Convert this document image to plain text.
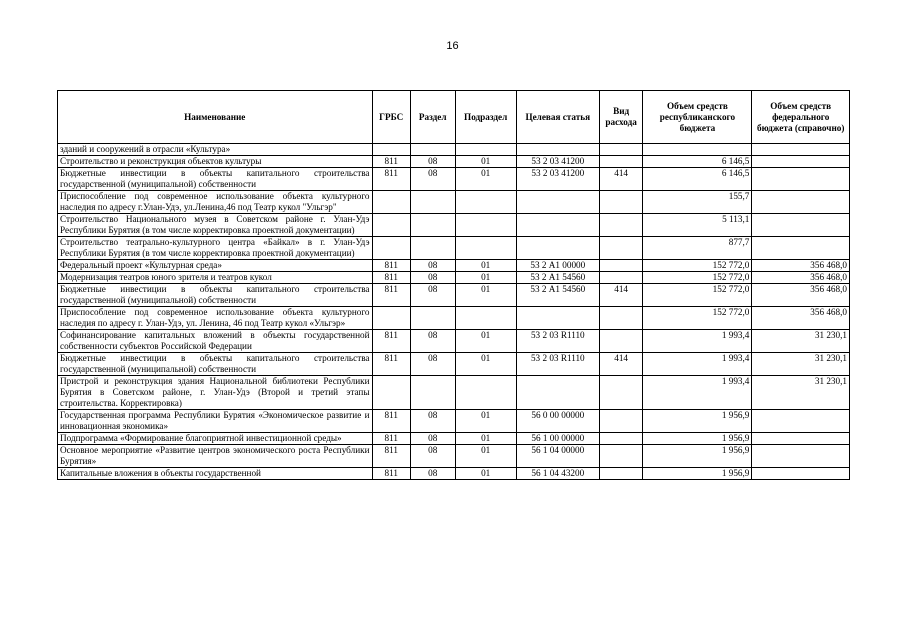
16
Наименование	ГРБС	Раздел	Подраздел	Целевая статья	Вид расхода	Объем средств республиканского бюджета	Объем средств федерального бюджета (справочно)
зданий и сооружений в отрасли «Культура»							
Строительство и реконструкция объектов культуры	811	08	01	53 2 03 41200		6 146,5	
Бюджетные инвестиции в объекты капитального строительства государственной (муниципальной) собственности	811	08	01	53 2 03 41200	414	6 146,5	
Приспособление под современное использование объекта культурного наследия по адресу г.Улан-Удэ, ул.Ленина,46 под Театр кукол "Ульгэр"						155,7	
Строительство Национального музея в Советском районе г. Улан-Удэ Республики Бурятия (в том числе корректировка проектной документации)						5 113,1	
Строительство театрально-культурного центра «Байкал» в г. Улан-Удэ Республики Бурятия (в том числе корректировка проектной документации)						877,7	
Федеральный проект «Культурная среда»	811	08	01	53 2 А1 00000		152 772,0	356 468,0
Модернизация театров юного зрителя и театров кукол	811	08	01	53 2 А1 54560		152 772,0	356 468,0
Бюджетные инвестиции в объекты капитального строительства государственной (муниципальной) собственности	811	08	01	53 2 А1 54560	414	152 772,0	356 468,0
Приспособление под современное использование объекта культурного наследия по адресу г. Улан-Удэ, ул. Ленина, 46 под Театр кукол «Ульгэр»						152 772,0	356 468,0
Софинансирование капитальных вложений в объекты государственной собственности субъектов Российской Федерации	811	08	01	53 2 03 R1110		1 993,4	31 230,1
Бюджетные инвестиции в объекты капитального строительства государственной (муниципальной) собственности	811	08	01	53 2 03 R1110	414	1 993,4	31 230,1
Пристрой и реконструкция здания Национальной библиотеки Республики Бурятия в Советском районе, г. Улан-Удэ (Второй и третий этапы строительства. Корректировка)						1 993,4	31 230,1
Государственная программа Республики Бурятия «Экономическое развитие и инновационная экономика»	811	08	01	56 0 00 00000		1 956,9	
Подпрограмма «Формирование благоприятной инвестиционной среды»	811	08	01	56 1 00 00000		1 956,9	
Основное мероприятие «Развитие центров экономического роста Республики Бурятия»	811	08	01	56 1 04 00000		1 956,9	
Капитальные вложения в объекты государственной	811	08	01	56 1 04 43200		1 956,9	
